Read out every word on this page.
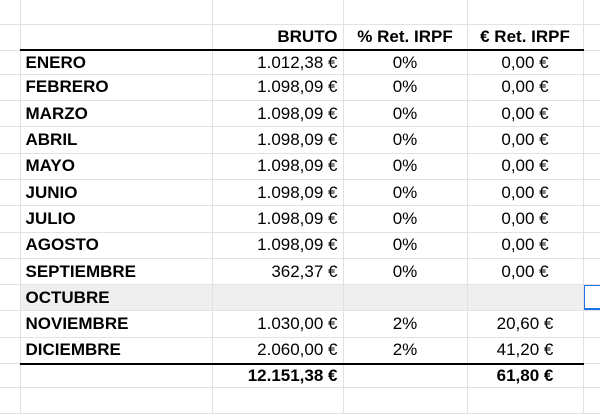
		BRUTO	% Ret. IRPF	€ Ret. IRPF	
	ENERO	1.012,38 €	0%	0,00 €	
	FEBRERO	1.098,09 €	0%	0,00 €	
	MARZO	1.098,09 €	0%	0,00 €	
	ABRIL	1.098,09 €	0%	0,00 €	
	MAYO	1.098,09 €	0%	0,00 €	
	JUNIO	1.098,09 €	0%	0,00 €	
	JULIO	1.098,09 €	0%	0,00 €	
	AGOSTO	1.098,09 €	0%	0,00 €	
	SEPTIEMBRE	362,37 €	0%	0,00 €	
	OCTUBRE				

	NOVIEMBRE	1.030,00 €	2%	20,60 €	
	DICIEMBRE	2.060,00 €	2%	41,20 €	
		12.151,38 €		61,80 €	
